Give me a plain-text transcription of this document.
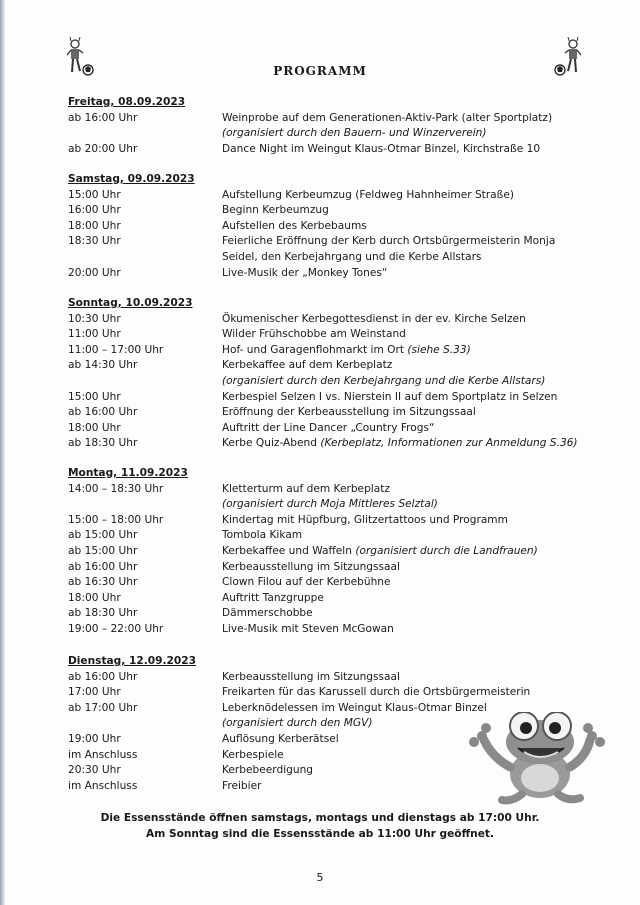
PROGRAMM
Freitag, 08.09.2023
ab 16:00 Uhr	Weinprobe auf dem Generationen-Aktiv-Park (alter Sportplatz)
(organisiert durch den Bauern- und Winzerverein)
ab 20:00 Uhr	Dance Night im Weingut Klaus-Otmar Binzel, Kirchstraße 10
Samstag, 09.09.2023
15:00 Uhr	Aufstellung Kerbeumzug (Feldweg Hahnheimer Straße)
16:00 Uhr	Beginn Kerbeumzug
18:00 Uhr	Aufstellen des Kerbebaums
18:30 Uhr	Feierliche Eröffnung der Kerb durch Ortsbürgermeisterin Monja
Seidel, den Kerbejahrgang und die Kerbe Allstars
20:00 Uhr	Live-Musik der „Monkey Tones“
Sonntag, 10.09.2023
10:30 Uhr	Ökumenischer Kerbegottesdienst in der ev. Kirche Selzen
11:00 Uhr	Wilder Frühschobbe am Weinstand
11:00 – 17:00 Uhr	Hof- und Garagenflohmarkt im Ort (siehe S.33)
ab 14:30 Uhr	Kerbekaffee auf dem Kerbeplatz
(organisiert durch den Kerbejahrgang und die Kerbe Allstars)
15:00 Uhr	Kerbespiel Selzen I vs. Nierstein II auf dem Sportplatz in Selzen
ab 16:00 Uhr	Eröffnung der Kerbeausstellung im Sitzungssaal
18:00 Uhr	Auftritt der Line Dancer „Country Frogs“
ab 18:30 Uhr	Kerbe Quiz-Abend (Kerbeplatz, Informationen zur Anmeldung S.36)
Montag, 11.09.2023
14:00 – 18:30 Uhr	Kletterturm auf dem Kerbeplatz
(organisiert durch Moja Mittleres Selztal)
15:00 – 18:00 Uhr	Kindertag mit Hüpfburg, Glitzertattoos und Programm
ab 15:00 Uhr	Tombola Kikam
ab 15:00 Uhr	Kerbekaffee und Waffeln (organisiert durch die Landfrauen)
ab 16:00 Uhr	Kerbeausstellung im Sitzungssaal
ab 16:30 Uhr	Clown Filou auf der Kerbebühne
18:00 Uhr	Auftritt Tanzgruppe
ab 18:30 Uhr	Dämmerschobbe
19:00 – 22:00 Uhr	Live-Musik mit Steven McGowan
Dienstag, 12.09.2023
ab 16:00 Uhr	Kerbeausstellung im Sitzungssaal
17:00 Uhr	Freikarten für das Karussell durch die Ortsbürgermeisterin
ab 17:00 Uhr	Leberknödelessen im Weingut Klaus-Otmar Binzel
(organisiert durch den MGV)
19:00 Uhr	Auflösung Kerberätsel
im Anschluss	Kerbespiele
20:30 Uhr	Kerbebeerdigung
im Anschluss	Freibier
Die Essensstände öffnen samstags, montags und dienstags ab 17:00 Uhr.
Am Sonntag sind die Essensstände ab 11:00 Uhr geöffnet.
5
